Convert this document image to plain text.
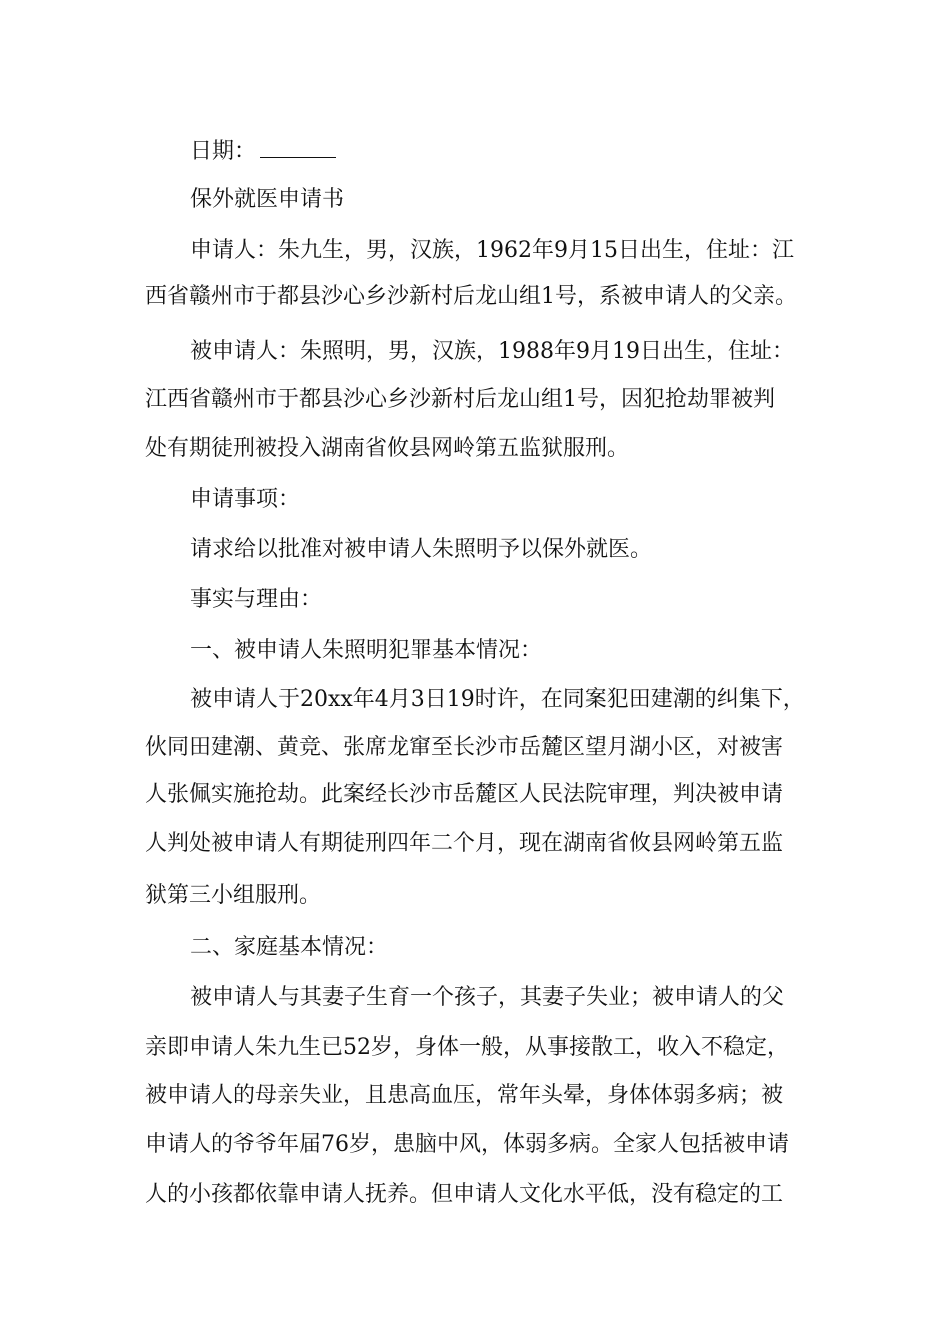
日期：
保外就医申请书
申请人：朱九生，男，汉族，1962年9月15日出生，住址：江
西省赣州市于都县沙心乡沙新村后龙山组1号，系被申请人的父亲。
被申请人：朱照明，男，汉族，1988年9月19日出生，住址：
江西省赣州市于都县沙心乡沙新村后龙山组1号，因犯抢劫罪被判
处有期徒刑被投入湖南省攸县网岭第五监狱服刑。
申请事项：
请求给以批准对被申请人朱照明予以保外就医。
事实与理由：
一、被申请人朱照明犯罪基本情况：
被申请人于20xx年4月3日19时许，在同案犯田建潮的纠集下，
伙同田建潮、黄竞、张席龙窜至长沙市岳麓区望月湖小区，对被害
人张佩实施抢劫。此案经长沙市岳麓区人民法院审理，判决被申请
人判处被申请人有期徒刑四年二个月，现在湖南省攸县网岭第五监
狱第三小组服刑。
二、家庭基本情况：
被申请人与其妻子生育一个孩子，其妻子失业；被申请人的父
亲即申请人朱九生已52岁，身体一般，从事接散工，收入不稳定，
被申请人的母亲失业，且患高血压，常年头晕，身体体弱多病；被
申请人的爷爷年届76岁，患脑中风，体弱多病。全家人包括被申请
人的小孩都依靠申请人抚养。但申请人文化水平低，没有稳定的工
